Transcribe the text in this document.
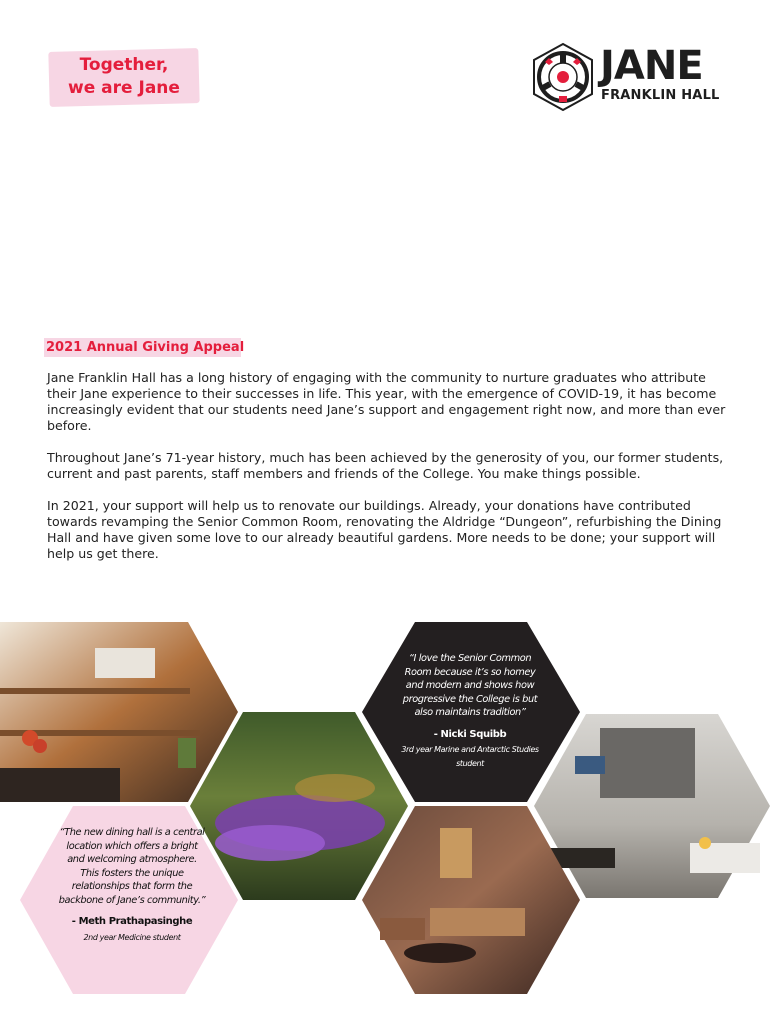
Together,
we are Jane	JANE
FRANKLIN HALL
2021 Annual Giving Appeal

Jane Franklin Hall has a long history of engaging with the community to nurture graduates who attribute their Jane experience to their successes in life. This year, with the emergence of COVID-19, it has become increasingly evident that our students need Jane’s support and engagement right now, and more than ever before.

Throughout Jane’s 71-year history, much has been achieved by the generosity of you, our former students, current and past parents, staff members and friends of the College. You make things possible.

In 2021, your support will help us to renovate our buildings. Already, your donations have contributed towards revamping the Senior Common Room, renovating the Aldridge “Dungeon”, refurbishing the Dining Hall and have given some love to our already beautiful gardens. More needs to be done; your support will help us get there.

“I love the Senior Common Room because it’s so homey and modern and shows how progressive the College is but also maintains tradition”
- Nicki Squibb
3rd year Marine and Antarctic Studies student
“The new dining hall is a central location which offers a bright and welcoming atmosphere. This fosters the unique relationships that form the backbone of Jane’s community.”
- Meth Prathapasinghe
2nd year Medicine student
